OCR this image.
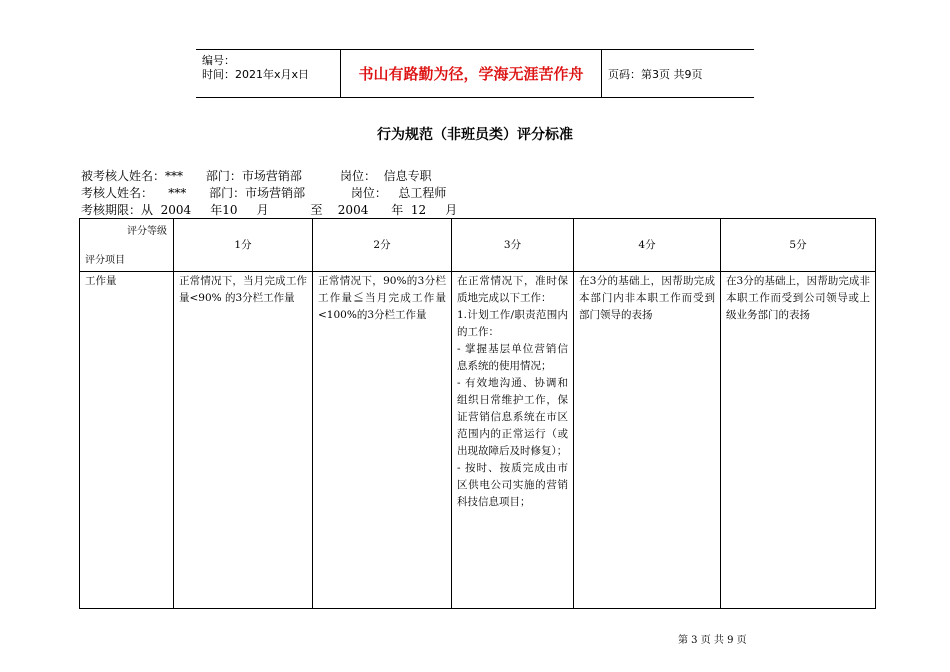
编号：
时间：2021年x月x日	书山有路勤为径，学海无涯苦作舟	页码：第3页 共9页
行为规范（非班员类）评分标准
被考核人姓名：***      部门：市场营销部          岗位：  信息专职
考核人姓名：    ***      部门：市场营销部            岗位：   总工程师
考核期限：从  2004     年10     月           至    2004      年  12     月
评分等级
评分项目	1分	2分	3分	4分	5分
工作量	正常情况下，当月完成工作量<90% 的3分栏工作量	正常情况下，90%的3分栏工作量≦当月完成工作量<100%的3分栏工作量	在正常情况下，准时保质地完成以下工作：
1.计划工作/职责范围内的工作：
- 掌握基层单位营销信息系统的使用情况；
- 有效地沟通、协调和组织日常维护工作，保证营销信息系统在市区范围内的正常运行（或出现故障后及时修复）；
- 按时、按质完成由市区供电公司实施的营销科技信息项目；	在3分的基础上，因帮助完成本部门内非本职工作而受到部门领导的表扬	在3分的基础上，因帮助完成非本职工作而受到公司领导或上级业务部门的表扬
第 3 页 共 9 页
